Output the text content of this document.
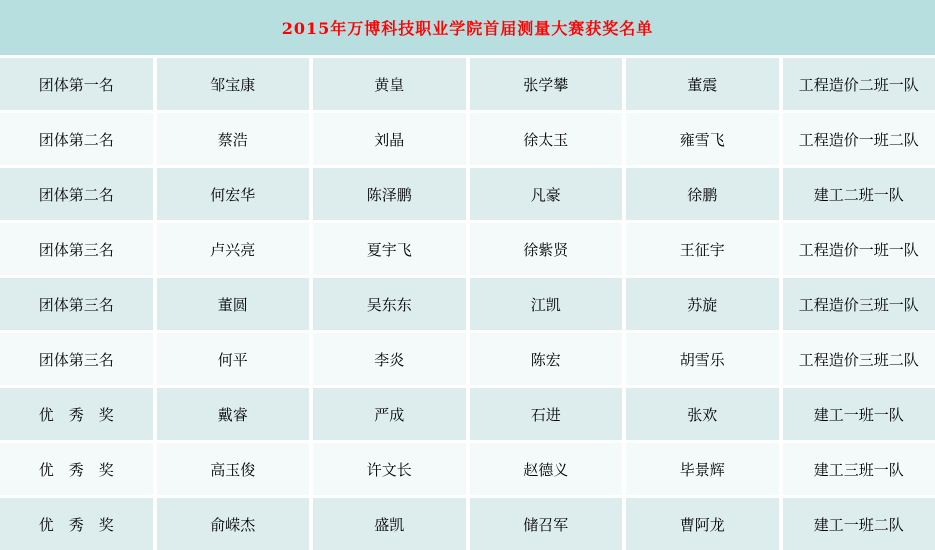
2015年万博科技职业学院首届测量大赛获奖名单
团体第一名	邹宝康	黄皇	张学攀	董震	工程造价二班一队
团体第二名	蔡浩	刘晶	徐太玉	雍雪飞	工程造价一班二队
团体第二名	何宏华	陈泽鹏	凡豪	徐鹏	建工二班一队
团体第三名	卢兴亮	夏宇飞	徐紫贤	王征宇	工程造价一班一队
团体第三名	董圆	吴东东	江凯	苏旋	工程造价三班一队
团体第三名	何平	李炎	陈宏	胡雪乐	工程造价三班二队
优　秀　奖	戴睿	严成	石进	张欢	建工一班一队
优　秀　奖	高玉俊	许文长	赵德义	毕景辉	建工三班一队
优　秀　奖	俞嵘杰	盛凯	储召军	曹阿龙	建工一班二队
